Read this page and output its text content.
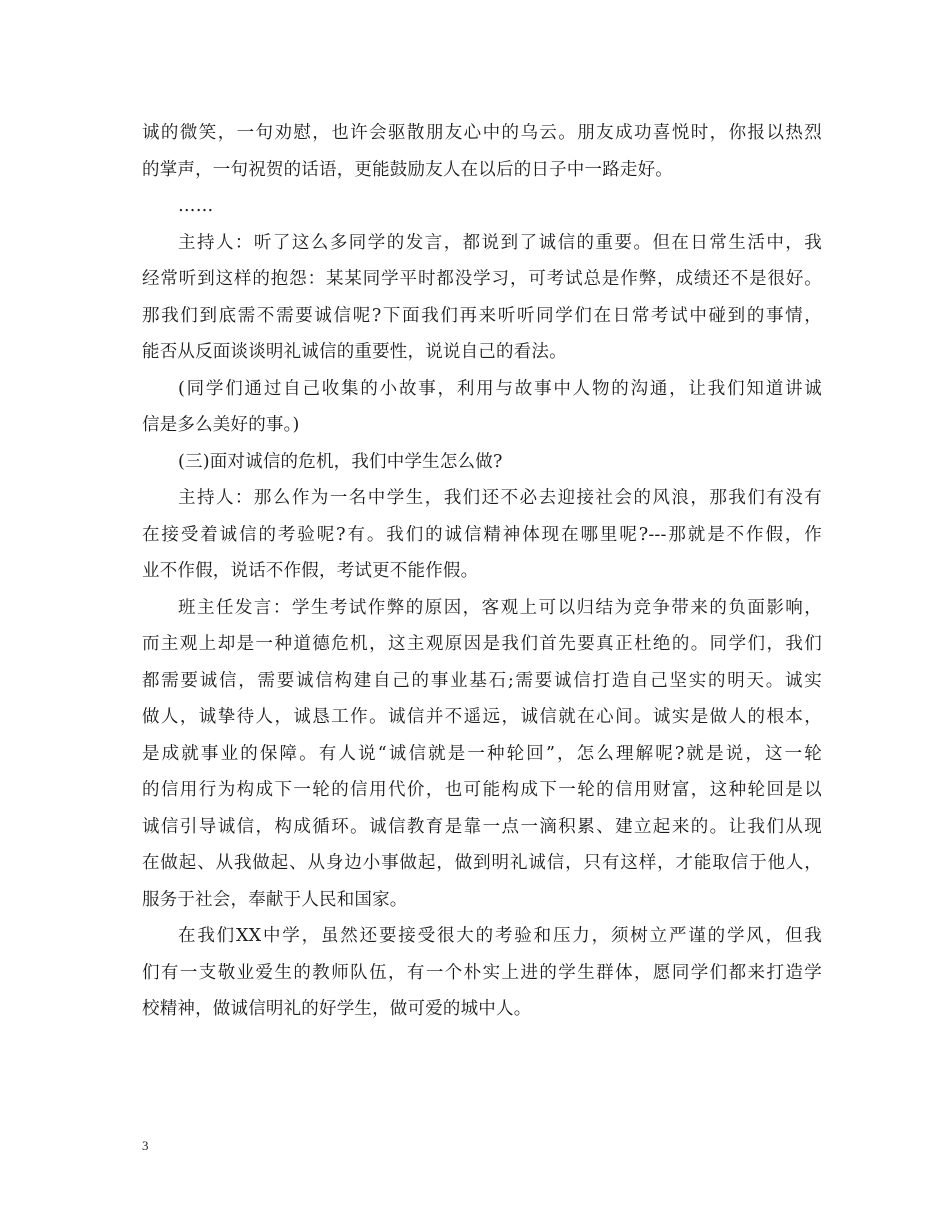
诚的微笑，一句劝慰，也许会驱散朋友心中的乌云。朋友成功喜悦时，你报以热烈
的掌声，一句祝贺的话语，更能鼓励友人在以后的日子中一路走好。
……
主持人：听了这么多同学的发言，都说到了诚信的重要。但在日常生活中，我
经常听到这样的抱怨：某某同学平时都没学习，可考试总是作弊，成绩还不是很好。
那我们到底需不需要诚信呢?下面我们再来听听同学们在日常考试中碰到的事情，
能否从反面谈谈明礼诚信的重要性，说说自己的看法。
(同学们通过自己收集的小故事，利用与故事中人物的沟通，让我们知道讲诚
信是多么美好的事。)
(三)面对诚信的危机，我们中学生怎么做?
主持人：那么作为一名中学生，我们还不必去迎接社会的风浪，那我们有没有
在接受着诚信的考验呢?有。我们的诚信精神体现在哪里呢?---那就是不作假，作
业不作假，说话不作假，考试更不能作假。
班主任发言：学生考试作弊的原因，客观上可以归结为竞争带来的负面影响，
而主观上却是一种道德危机，这主观原因是我们首先要真正杜绝的。同学们，我们
都需要诚信，需要诚信构建自己的事业基石;需要诚信打造自己坚实的明天。诚实
做人，诚挚待人，诚恳工作。诚信并不遥远，诚信就在心间。诚实是做人的根本，
是成就事业的保障。有人说“诚信就是一种轮回”，怎么理解呢?就是说，这一轮
的信用行为构成下一轮的信用代价，也可能构成下一轮的信用财富，这种轮回是以
诚信引导诚信，构成循环。诚信教育是靠一点一滴积累、建立起来的。让我们从现
在做起、从我做起、从身边小事做起，做到明礼诚信，只有这样，才能取信于他人，
服务于社会，奉献于人民和国家。
在我们XX中学，虽然还要接受很大的考验和压力，须树立严谨的学风，但我
们有一支敬业爱生的教师队伍，有一个朴实上进的学生群体，愿同学们都来打造学
校精神，做诚信明礼的好学生，做可爱的城中人。
3
